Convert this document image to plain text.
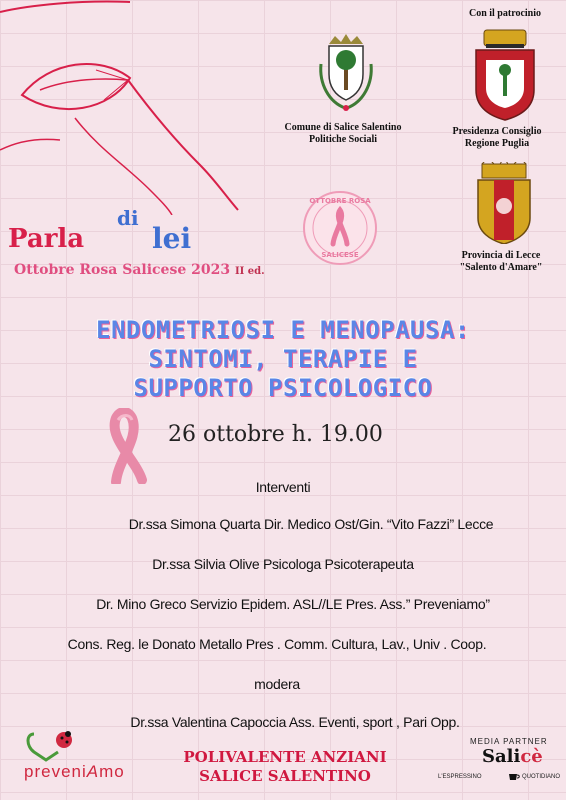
Comune di Salice Salentino
Politiche Sociali
Con il patrocinio
Presidenza Consiglio
Regione Puglia
Provincia di Lecce
"Salento d'Amare"
OTTOBRE ROSA
SALICESE
Parla
di
lei
Ottobre Rosa Salicese 2023 II ed.
ENDOMETRIOSI E MENOPAUSA:
SINTOMI, TERAPIE E
SUPPORTO PSICOLOGICO
26 ottobre h. 19.00
Interventi
Dr.ssa Simona Quarta Dir. Medico Ost/Gin. “Vito Fazzi” Lecce
Dr.ssa Silvia Olive Psicologa Psicoterapeuta
Dr. Mino Greco Servizio Epidem. ASL//LE Pres. Ass.” Preveniamo”
Cons. Reg. le Donato Metallo Pres . Comm. Cultura, Lav., Univ . Coop.
modera
Dr.ssa Valentina Capoccia Ass. Eventi, sport , Pari Opp.
POLIVALENTE ANZIANI
SALICE SALENTINO
preveniAmo
MEDIA PARTNER
Salicè
L'ESPRESSINO	QUOTIDIANO
